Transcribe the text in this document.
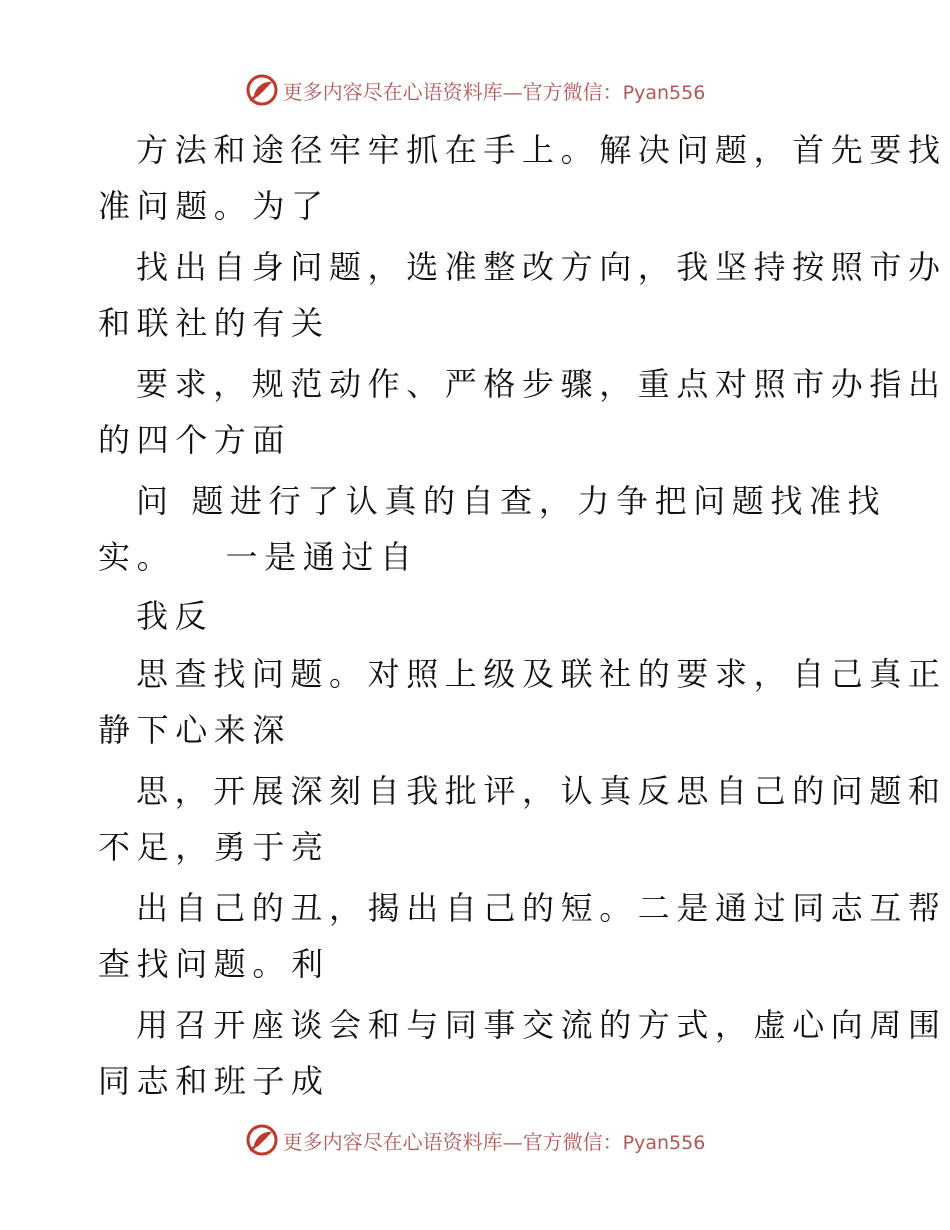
更多内容尽在心语资料库—官方微信：Pyan556
方法和途径牢牢抓在手上。解决问题，首先要找
准问题。为了
找出自身问题，选准整改方向，我坚持按照市办
和联社的有关
要求，规范动作、严格步骤，重点对照市办指出
的四个方面
问 题进行了认真的自查，力争把问题找准找
实。   一是通过自
我反
思查找问题。对照上级及联社的要求，自己真正
静下心来深
思，开展深刻自我批评，认真反思自己的问题和
不足，勇于亮
出自己的丑，揭出自己的短。二是通过同志互帮
查找问题。利
用召开座谈会和与同事交流的方式，虚心向周围
同志和班子成
更多内容尽在心语资料库—官方微信：Pyan556
